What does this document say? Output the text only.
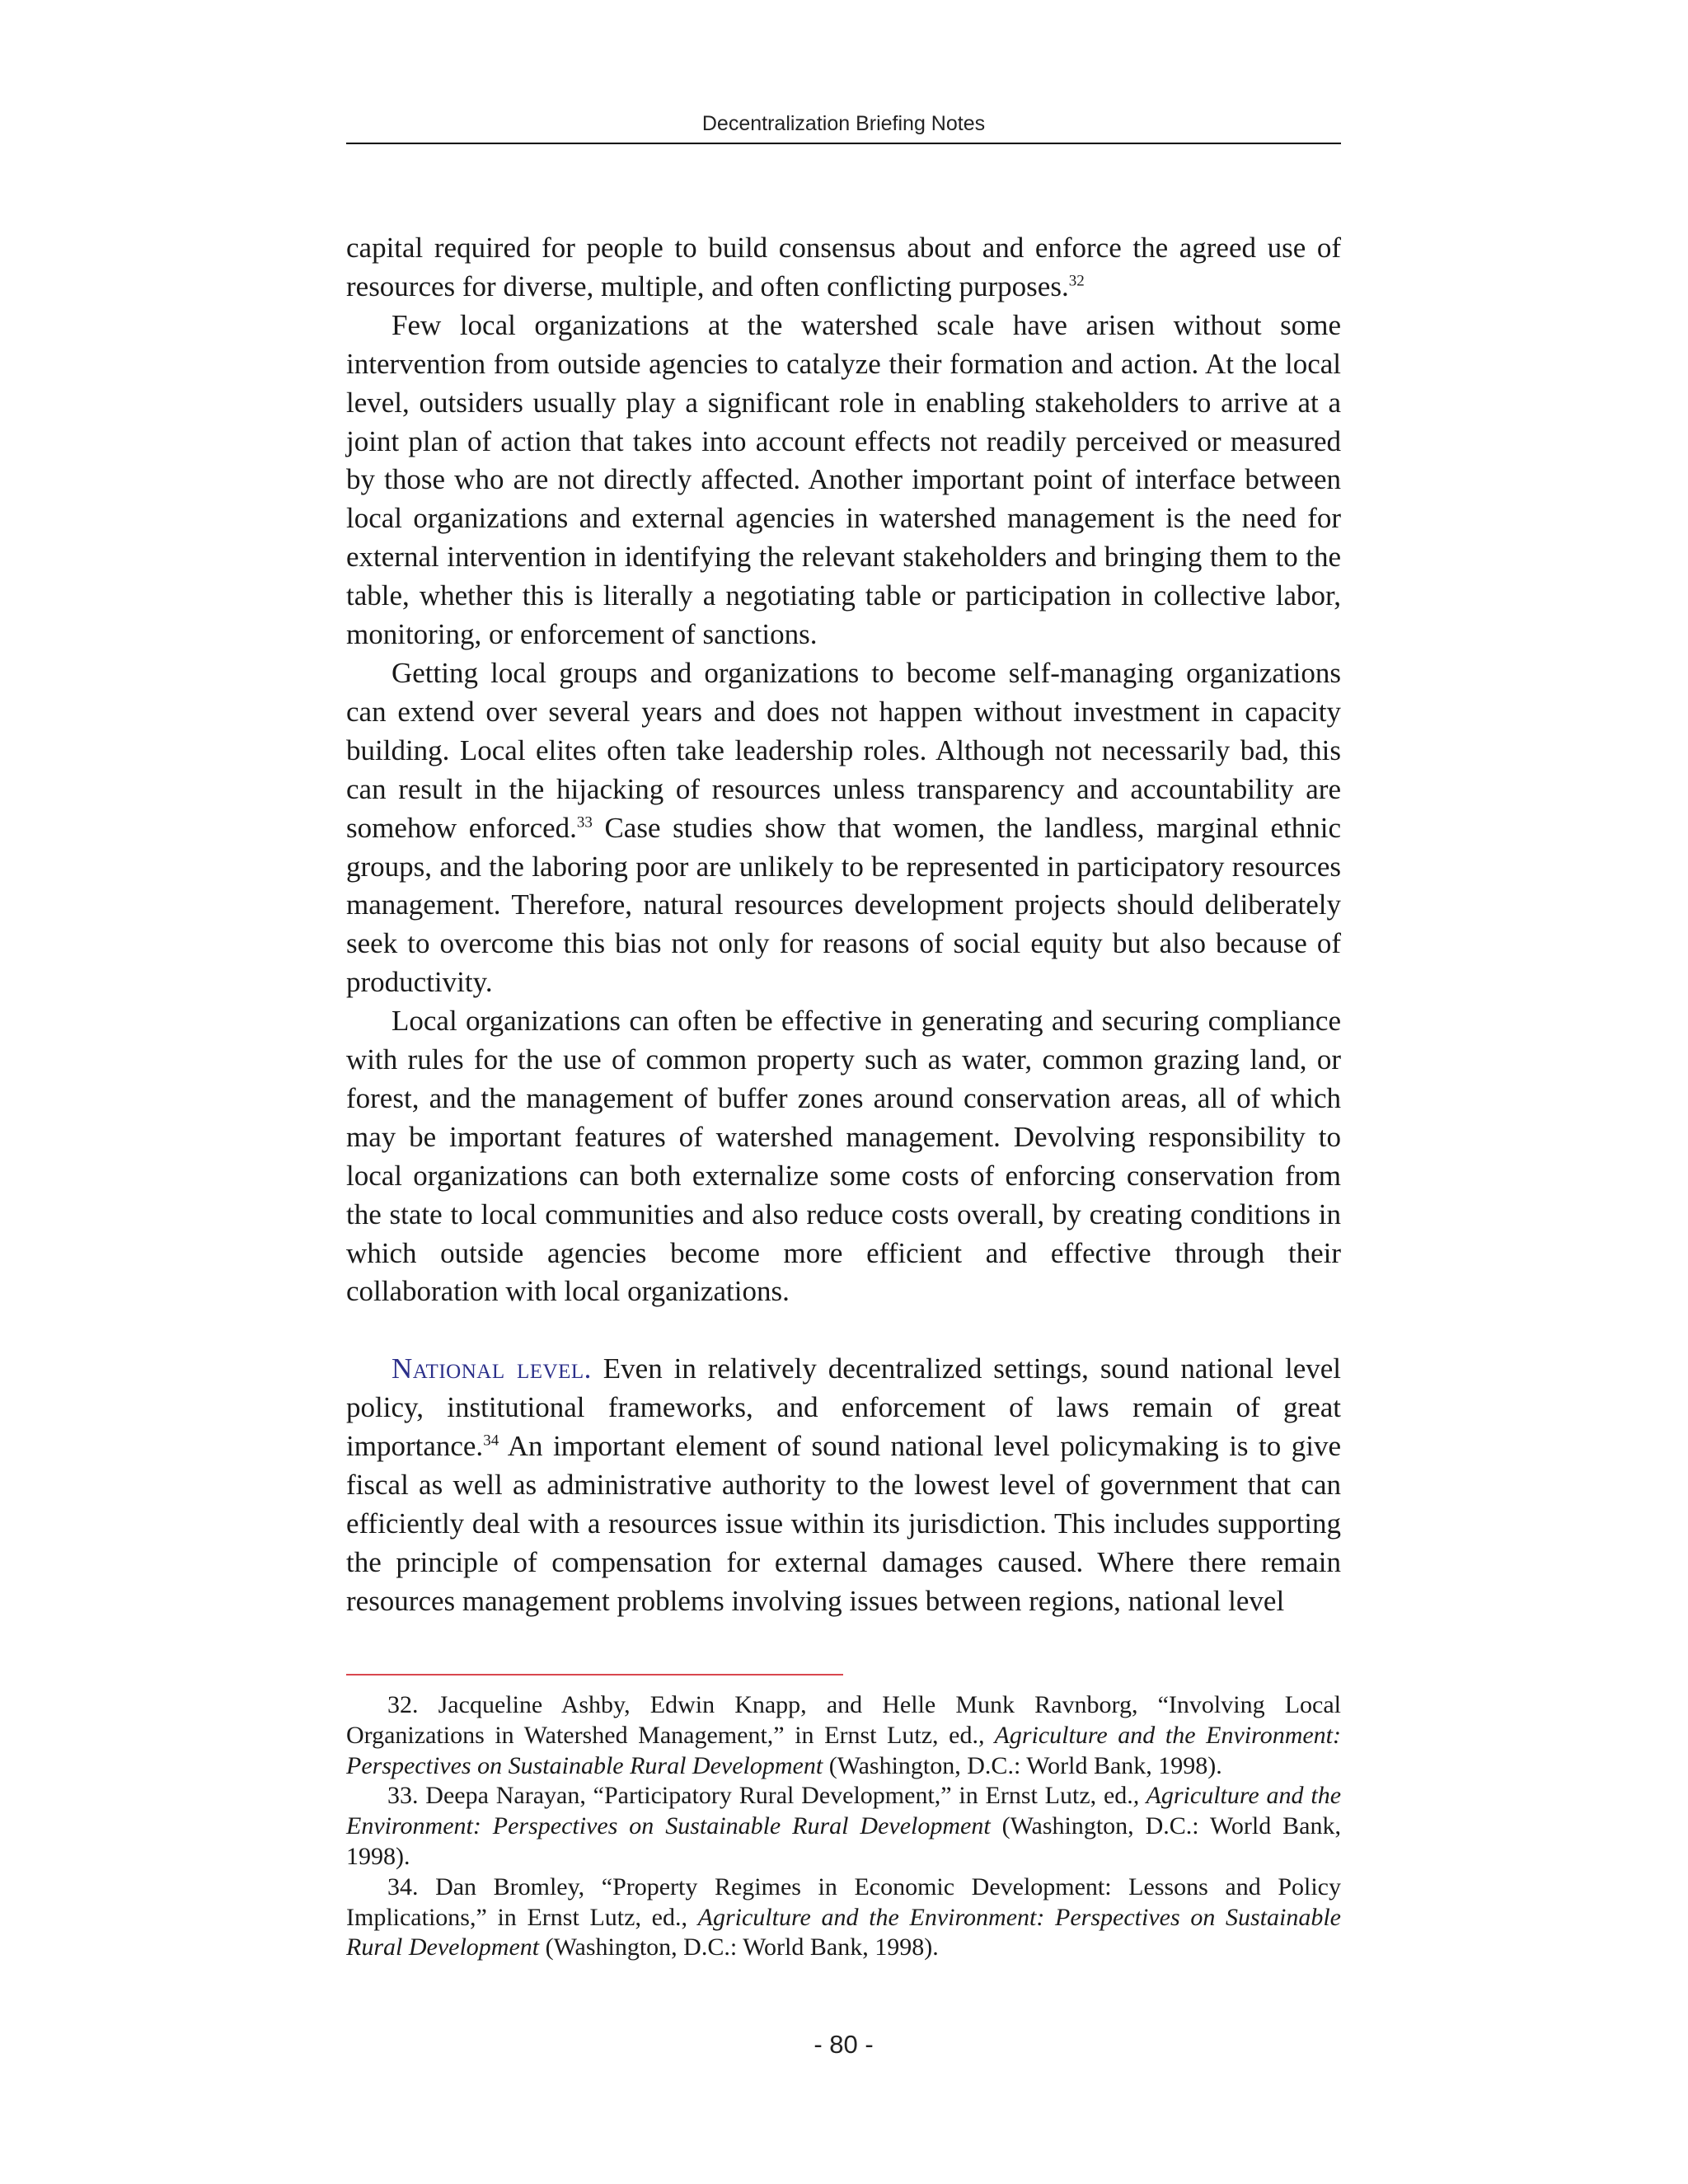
Decentralization Briefing Notes

capital required for people to build consensus about and enforce the agreed use of resources for diverse, multiple, and often conflicting purposes.$^{32}$

Few local organizations at the watershed scale have arisen without some intervention from outside agencies to catalyze their formation and action. At the local level, outsiders usually play a significant role in enabling stakeholders to arrive at a joint plan of action that takes into account effects not readily perceived or measured by those who are not directly affected. Another important point of interface between local organizations and external agencies in watershed management is the need for external intervention in identifying the relevant stakeholders and bringing them to the table, whether this is literally a negotiating table or participation in collective labor, monitoring, or enforcement of sanctions.

Getting local groups and organizations to become self-managing organizations can extend over several years and does not happen without investment in capacity building. Local elites often take leadership roles. Although not necessarily bad, this can result in the hijacking of resources unless transparency and accountability are somehow enforced.$^{33}$ Case studies show that women, the landless, marginal ethnic groups, and the laboring poor are unlikely to be represented in participatory resources management. Therefore, natural resources development projects should deliberately seek to overcome this bias not only for reasons of social equity but also because of productivity.

Local organizations can often be effective in generating and securing compliance with rules for the use of common property such as water, common grazing land, or forest, and the management of buffer zones around conservation areas, all of which may be important features of watershed management. Devolving responsibility to local organizations can both externalize some costs of enforcing conservation from the state to local communities and also reduce costs overall, by creating conditions in which outside agencies become more efficient and effective through their collaboration with local organizations.

National level. Even in relatively decentralized settings, sound national level policy, institutional frameworks, and enforcement of laws remain of great importance.$^{34}$ An important element of sound national level policymaking is to give fiscal as well as administrative authority to the lowest level of government that can efficiently deal with a resources issue within its jurisdiction. This includes supporting the principle of compensation for external damages caused. Where there remain resources management problems involving issues between regions, national level

32. Jacqueline Ashby, Edwin Knapp, and Helle Munk Ravnborg, “Involving Local Organizations in Watershed Management,” in Ernst Lutz, ed., Agriculture and the Environment: Perspectives on Sustainable Rural Development (Washington, D.C.: World Bank, 1998).

33. Deepa Narayan, “Participatory Rural Development,” in Ernst Lutz, ed., Agriculture and the Environment: Perspectives on Sustainable Rural Development (Washington, D.C.: World Bank, 1998).

34. Dan Bromley, “Property Regimes in Economic Development: Lessons and Policy Implications,” in Ernst Lutz, ed., Agriculture and the Environment: Perspectives on Sustainable Rural Development (Washington, D.C.: World Bank, 1998).

- 80 -
